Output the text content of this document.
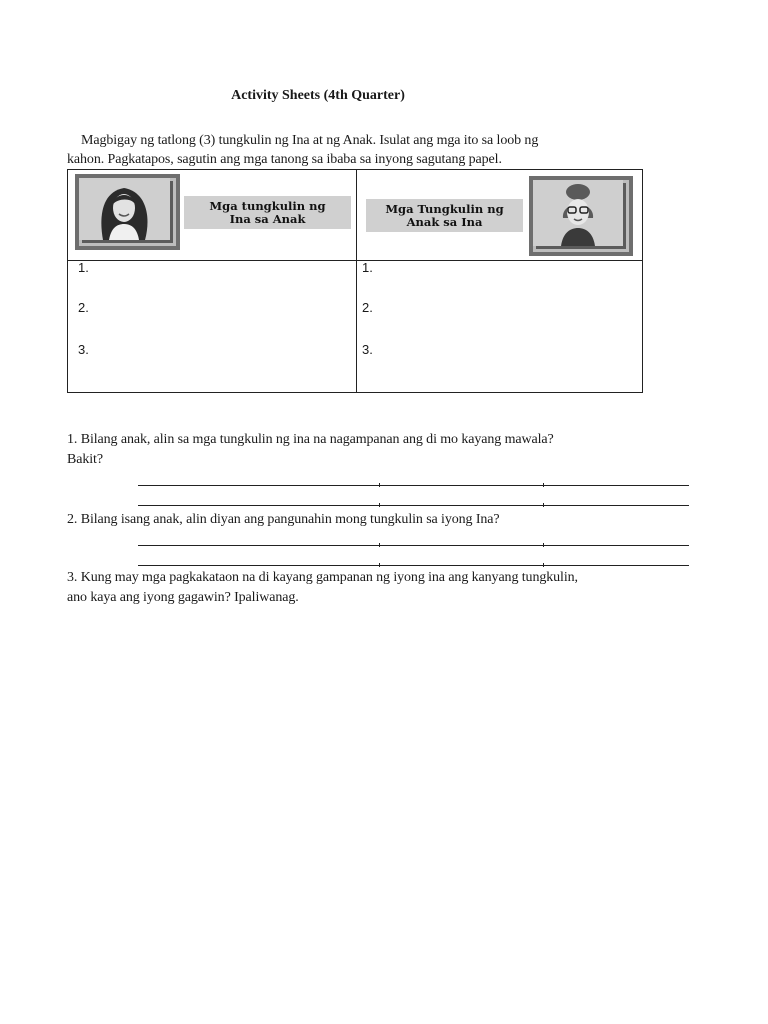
Activity Sheets (4th Quarter)
Magbigay ng tatlong (3) tungkulin ng Ina at ng Anak. Isulat ang mga ito sa loob ng
kahon. Pagkatapos, sagutin ang mga tanong sa ibaba sa inyong sagutang papel.
Mga tungkulin ng
Ina sa Anak
Mga Tungkulin ng
Anak sa Ina
1.
2.
3.
1.
2.
3.
1. Bilang anak, alin sa mga tungkulin ng ina na nagampanan ang di mo kayang mawala?
Bakit?
2. Bilang isang anak, alin diyan ang pangunahin mong tungkulin sa iyong Ina?
3. Kung may mga pagkakataon na di kayang gampanan ng iyong ina ang kanyang tungkulin,
ano kaya ang iyong gagawin? Ipaliwanag.
